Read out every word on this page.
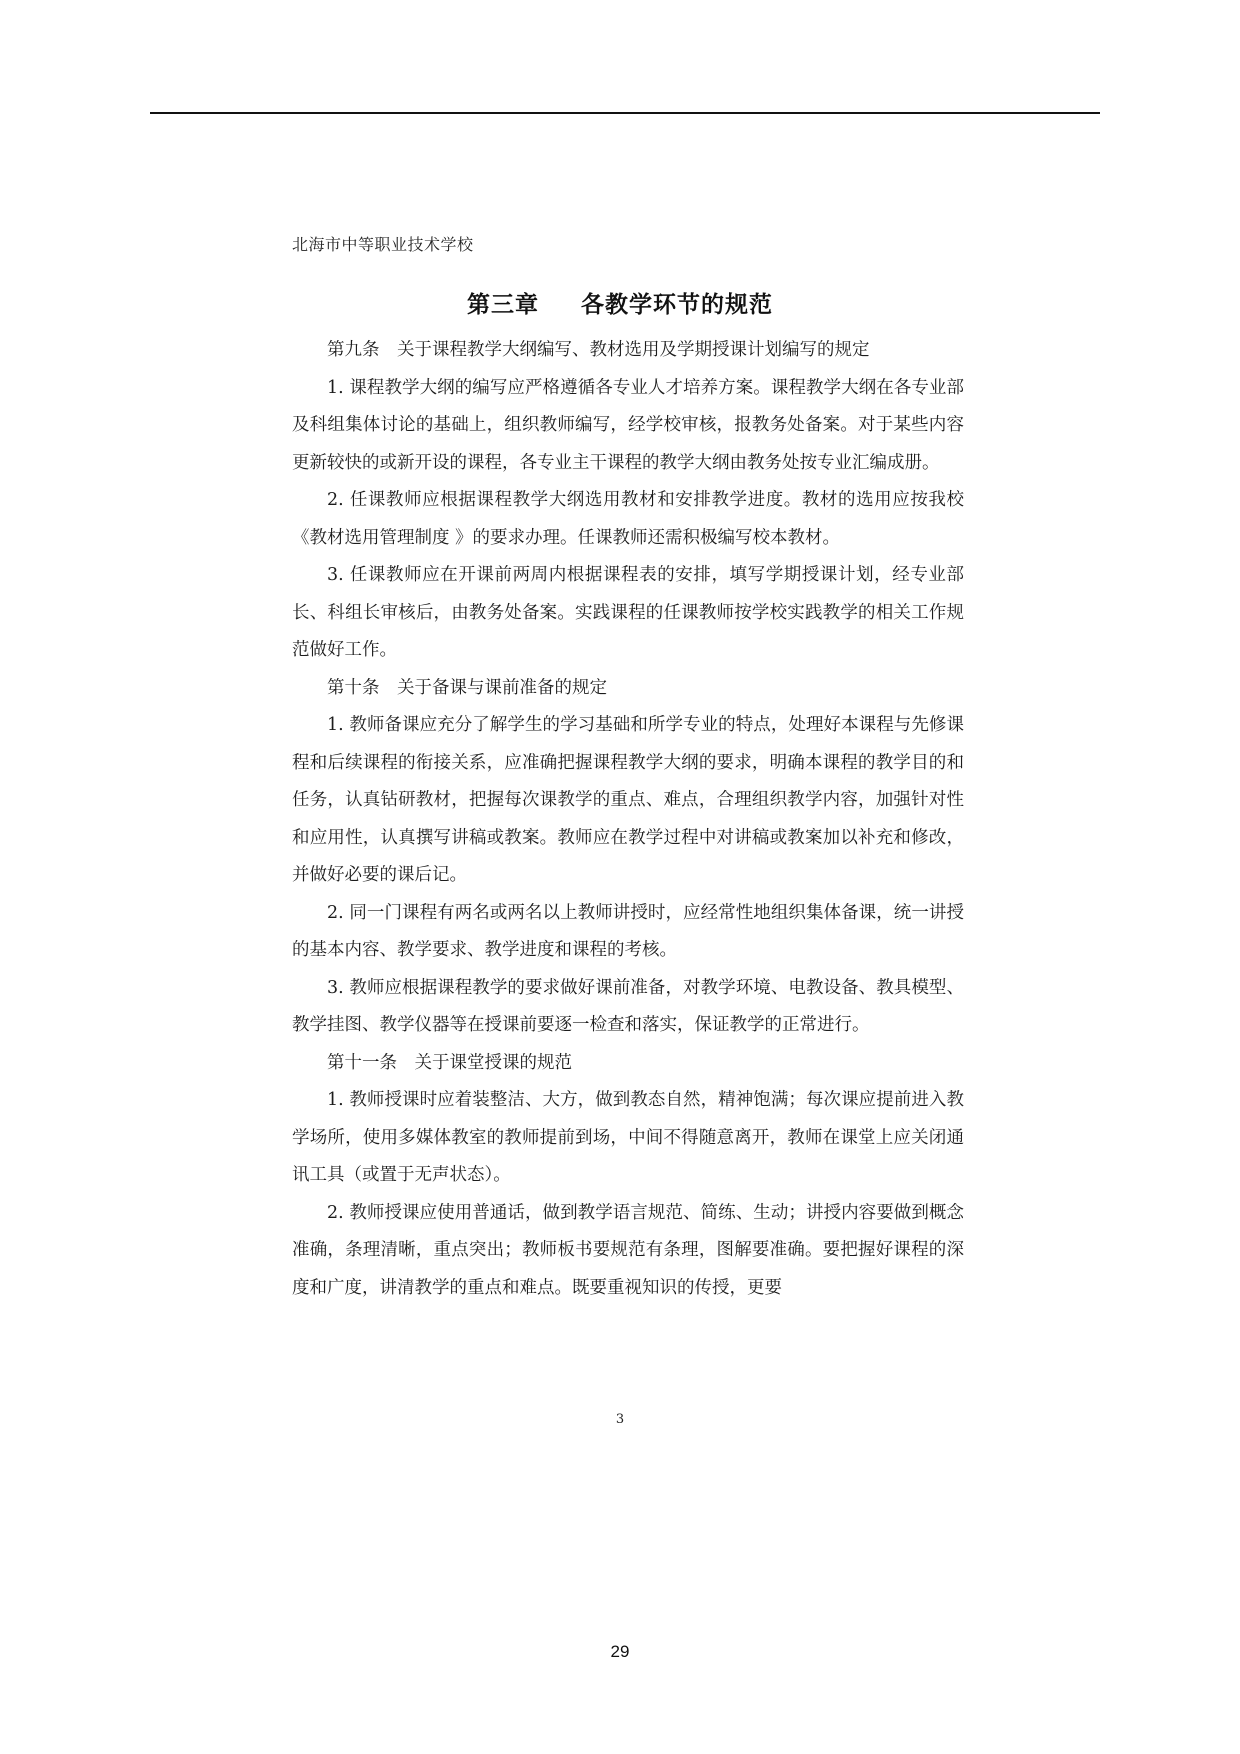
北海市中等职业技术学校
第三章 各教学环节的规范

第九条　关于课程教学大纲编写、教材选用及学期授课计划编写的规定

1. 课程教学大纲的编写应严格遵循各专业人才培养方案。课程教学大纲在各专业部及科组集体讨论的基础上，组织教师编写，经学校审核，报教务处备案。对于某些内容更新较快的或新开设的课程，各专业主干课程的教学大纲由教务处按专业汇编成册。

2. 任课教师应根据课程教学大纲选用教材和安排教学进度。教材的选用应按我校《教材选用管理制度 》的要求办理。任课教师还需积极编写校本教材。

3. 任课教师应在开课前两周内根据课程表的安排，填写学期授课计划，经专业部长、科组长审核后，由教务处备案。实践课程的任课教师按学校实践教学的相关工作规范做好工作。

第十条　关于备课与课前准备的规定

1. 教师备课应充分了解学生的学习基础和所学专业的特点，处理好本课程与先修课程和后续课程的衔接关系，应准确把握课程教学大纲的要求，明确本课程的教学目的和任务，认真钻研教材，把握每次课教学的重点、难点，合理组织教学内容，加强针对性和应用性，认真撰写讲稿或教案。教师应在教学过程中对讲稿或教案加以补充和修改，并做好必要的课后记。

2. 同一门课程有两名或两名以上教师讲授时，应经常性地组织集体备课，统一讲授的基本内容、教学要求、教学进度和课程的考核。

3. 教师应根据课程教学的要求做好课前准备，对教学环境、电教设备、教具模型、教学挂图、教学仪器等在授课前要逐一检查和落实，保证教学的正常进行。

第十一条　关于课堂授课的规范

1. 教师授课时应着装整洁、大方，做到教态自然，精神饱满；每次课应提前进入教学场所，使用多媒体教室的教师提前到场，中间不得随意离开，教师在课堂上应关闭通讯工具（或置于无声状态）。

2. 教师授课应使用普通话，做到教学语言规范、简练、生动；讲授内容要做到概念准确，条理清晰，重点突出；教师板书要规范有条理，图解要准确。要把握好课程的深度和广度，讲清教学的重点和难点。既要重视知识的传授，更要

3
29
